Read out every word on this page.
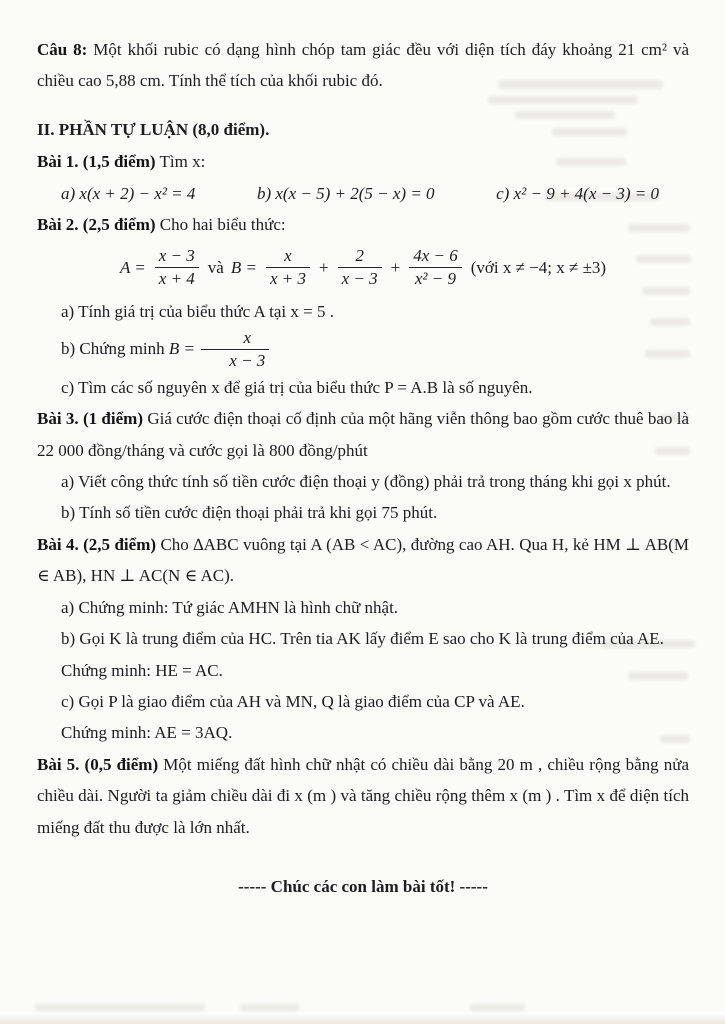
Câu 8: Một khối rubic có dạng hình chóp tam giác đều với diện tích đáy khoảng 21 cm² và chiều cao 5,88 cm. Tính thể tích của khối rubic đó.

II. PHẦN TỰ LUẬN (8,0 điểm).

Bài 1. (1,5 điểm) Tìm x:

a) x(x + 2) − x² = 4	b) x(x − 5) + 2(5 − x) = 0	c) x² − 9 + 4(x − 3) = 0

Bài 2. (2,5 điểm) Cho hai biểu thức:

$A = \frac{x - 3}{x + 4}$ và $B = \frac{x}{x + 3} + \frac{2}{x - 3} + \frac{4x - 6}{\text{x² − 9}}$ (với x ≠ −4; x ≠ ±3)

a) Tính giá trị của biểu thức A tại x = 5 .

b) Chứng minh $B = \frac{x}{x - 3}$

c) Tìm các số nguyên x để giá trị của biểu thức P = A.B là số nguyên.

Bài 3. (1 điểm) Giá cước điện thoại cố định của một hãng viễn thông bao gồm cước thuê bao là 22 000 đồng/tháng và cước gọi là 800 đồng/phút

a) Viết công thức tính số tiền cước điện thoại y (đồng) phải trả trong tháng khi gọi x phút.

b) Tính số tiền cước điện thoại phải trả khi gọi 75 phút.

Bài 4. (2,5 điểm) Cho ∆ABC vuông tại A (AB < AC), đường cao AH. Qua H, kẻ HM ⊥ AB(M ∈ AB), HN ⊥ AC(N ∈ AC).

a) Chứng minh: Tứ giác AMHN là hình chữ nhật.

b) Gọi K là trung điểm của HC. Trên tia AK lấy điểm E sao cho K là trung điểm của AE.

Chứng minh: HE = AC.

c) Gọi P là giao điểm của AH và MN, Q là giao điểm của CP và AE.

Chứng minh: AE = 3AQ.

Bài 5. (0,5 điểm) Một miếng đất hình chữ nhật có chiều dài bằng 20 m , chiều rộng bằng nửa chiều dài. Người ta giảm chiều dài đi x (m ) và tăng chiều rộng thêm x (m ) . Tìm x để diện tích miếng đất thu được là lớn nhất.

----- Chúc các con làm bài tốt! -----
